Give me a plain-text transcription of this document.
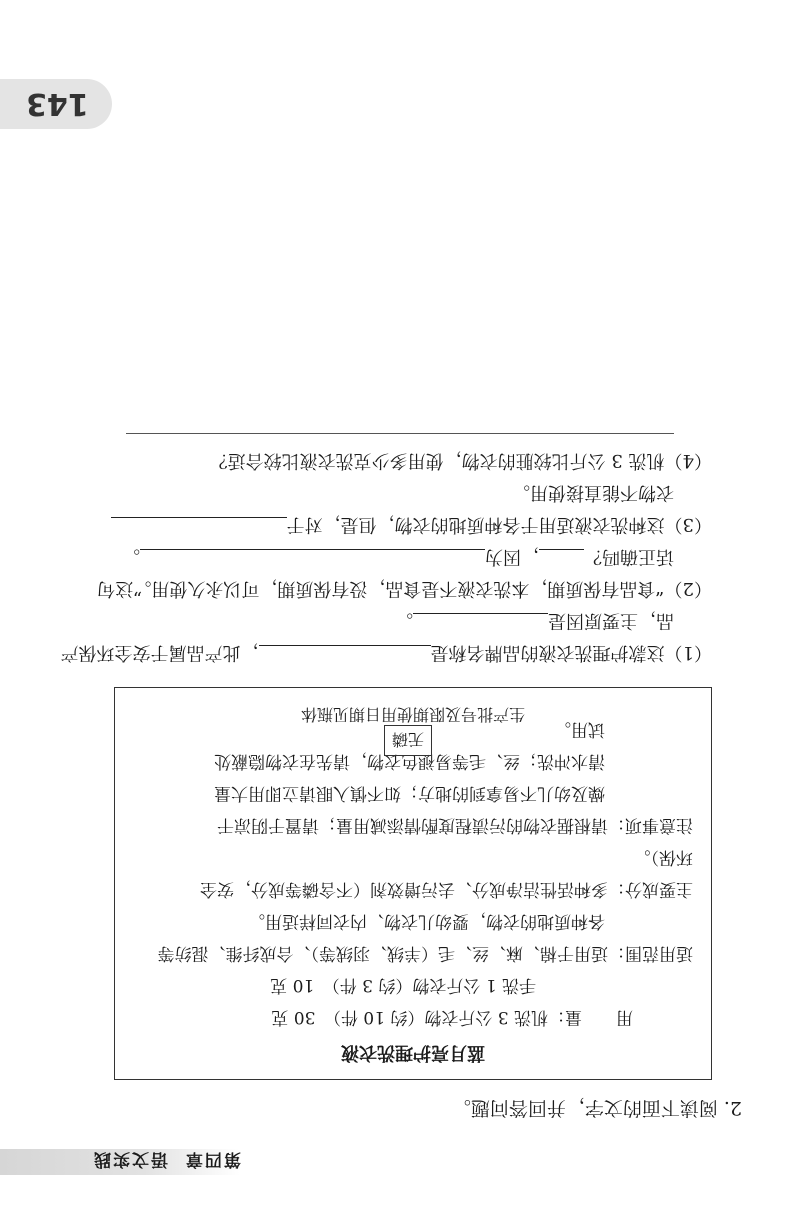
143
第四章  语文实践
2. 阅读下面的文字，并回答问题。
蓝月亮护理洗衣液
用　　量：机洗 3 公斤衣物（约 10 件）　30 克
手洗 1 公斤衣物（约 3 件）　10 克
适用范围：适用于棉、麻、丝、毛（羊绒、羽绒等）、合成纤维、混纺等
各种质地的衣物，婴幼儿衣物、内衣同样适用。
主要成分：多种活性洁净成分、去污增效剂（不含磷等成分，安全
环保）。
注意事项：请根据衣物的污渍程度酌情添减用量；请置于阴凉干
燥及幼儿不易拿到的地方；如不慎入眼请立即用大量
清水冲洗；丝、毛等易褪色衣物，请先在衣物隐蔽处
试用。
无磷
生产批号及限期使用日期见瓶体
（1）这款护理洗衣液的品牌名称是，此产品属于安全环保产
品，主要原因是。
（2）“食品有保质期，本洗衣液不是食品，没有保质期，可以永久使用。”这句
话正确吗？，因为。
（3）这种洗衣液适用于各种质地的衣物，但是，对于
衣物不能直接使用。
（4）机洗 3 公斤比较脏的衣物，使用多少克洗衣液比较合适？
